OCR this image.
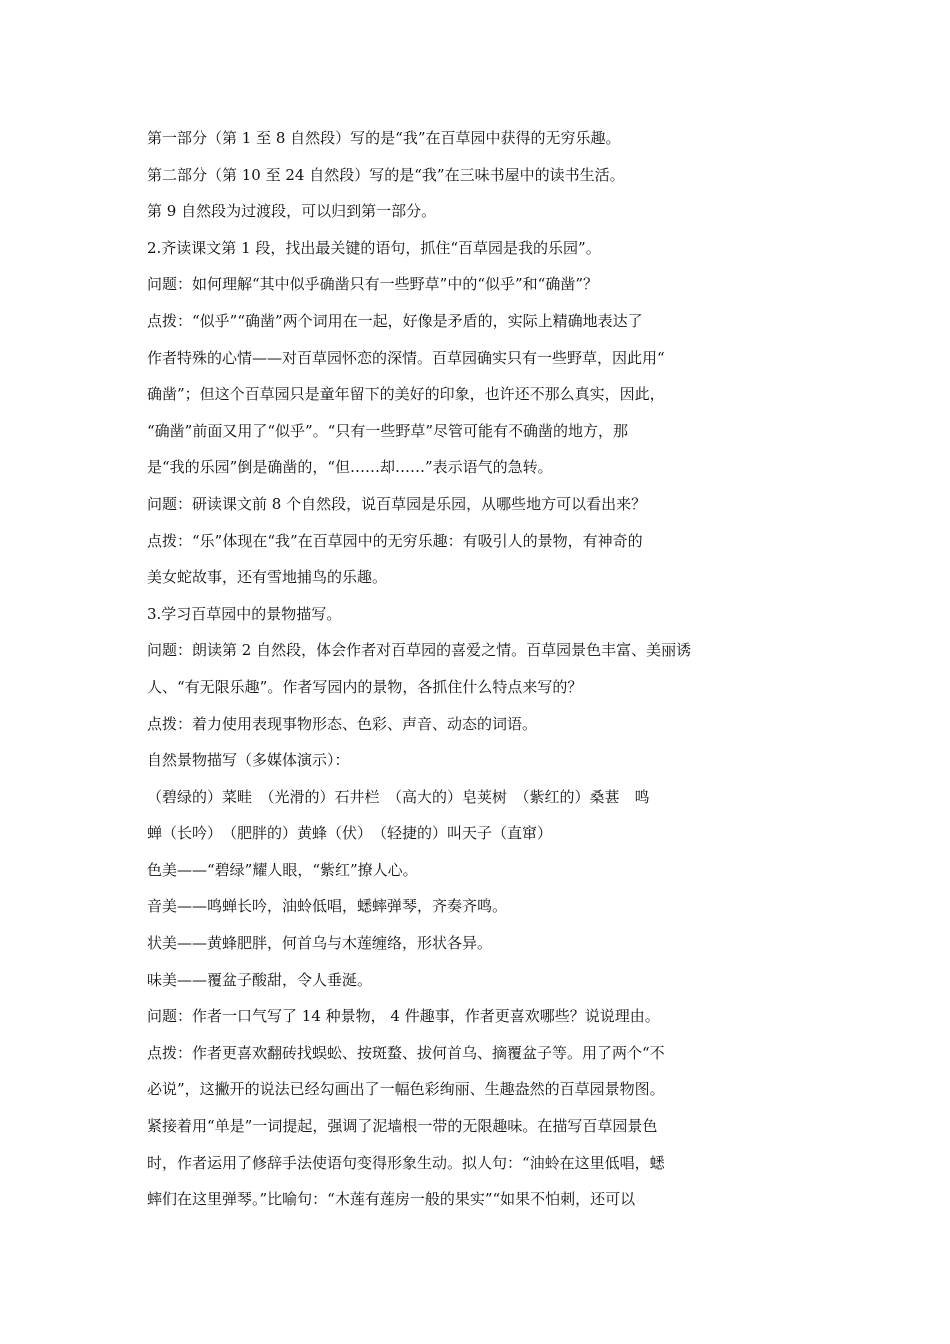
第一部分（第 1 至 8 自然段）写的是“我”在百草园中获得的无穷乐趣。
第二部分（第 10 至 24 自然段）写的是“我”在三味书屋中的读书生活。
第 9 自然段为过渡段，可以归到第一部分。
2.齐读课文第 1 段，找出最关键的语句，抓住“百草园是我的乐园”。
问题：如何理解“其中似乎确凿只有一些野草”中的“似乎”和“确凿”？
点拨：“似乎”“确凿”两个词用在一起，好像是矛盾的，实际上精确地表达了
作者特殊的心情——对百草园怀恋的深情。百草园确实只有一些野草，因此用“
确凿”；但这个百草园只是童年留下的美好的印象，也许还不那么真实，因此，
“确凿”前面又用了“似乎”。“只有一些野草”尽管可能有不确凿的地方，那
是“我的乐园”倒是确凿的，“但……却……”表示语气的急转。
问题：研读课文前 8 个自然段，说百草园是乐园，从哪些地方可以看出来？
点拨：“乐”体现在“我”在百草园中的无穷乐趣：有吸引人的景物，有神奇的
美女蛇故事，还有雪地捕鸟的乐趣。
3.学习百草园中的景物描写。
问题：朗读第 2 自然段，体会作者对百草园的喜爱之情。百草园景色丰富、美丽诱
人、“有无限乐趣”。作者写园内的景物，各抓住什么特点来写的？
点拨：着力使用表现事物形态、色彩、声音、动态的词语。
自然景物描写（多媒体演示）：
（碧绿的）菜畦　（光滑的）石井栏　（高大的）皂荚树　（紫红的）桑葚　鸣
蝉（长吟）　（肥胖的）黄蜂（伏）　（轻捷的）叫天子（直窜）
色美——“碧绿”耀人眼，“紫红”撩人心。
音美——鸣蝉长吟，油蛉低唱，蟋蟀弹琴，齐奏齐鸣。
状美——黄蜂肥胖，何首乌与木莲缠络，形状各异。
味美——覆盆子酸甜，令人垂涎。
问题：作者一口气写了 14 种景物， 4 件趣事，作者更喜欢哪些？说说理由。
点拨：作者更喜欢翻砖找蜈蚣、按斑蝥、拔何首乌、摘覆盆子等。用了两个“不
必说”，这撇开的说法已经勾画出了一幅色彩绚丽、生趣盎然的百草园景物图。
紧接着用“单是”一词提起，强调了泥墙根一带的无限趣味。在描写百草园景色
时，作者运用了修辞手法使语句变得形象生动。拟人句：“油蛉在这里低唱，蟋
蟀们在这里弹琴。”比喻句：“木莲有莲房一般的果实”“如果不怕刺，还可以
